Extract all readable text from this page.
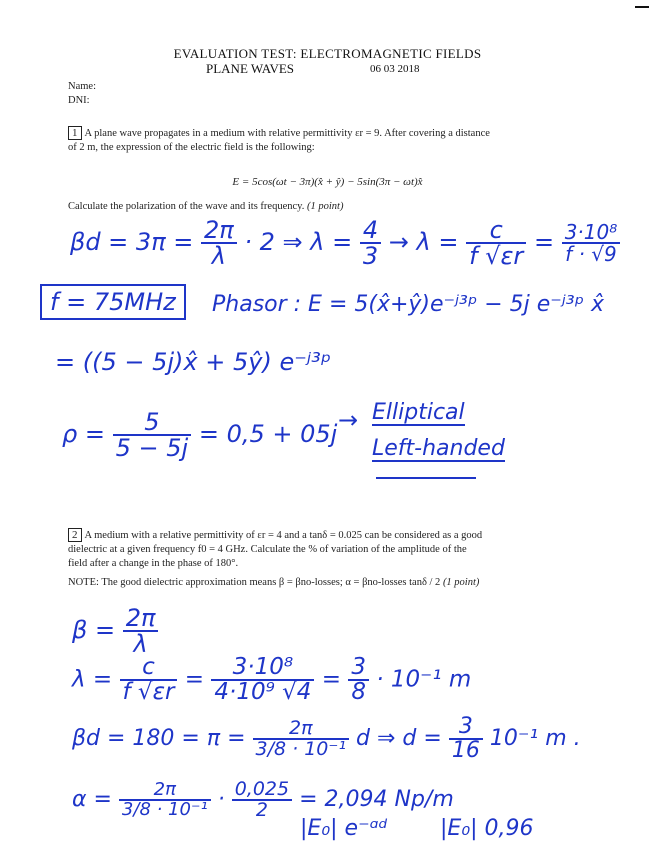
EVALUATION TEST: ELECTROMAGNETIC FIELDS
PLANE WAVES	06 03 2018
Name:
DNI:
1 A plane wave propagates in a medium with relative permittivity εr = 9. After covering a distance
of 2 m, the expression of the electric field is the following:
E = 5cos(ωt − 3π)(x̂ + ŷ) − 5sin(3π − ωt)x̂
Calculate the polarization of the wave and its frequency. (1 point)
$\beta d = 3\pi = \frac{2\pi}{\lambda} \cdot 2$ ⇒ $\lambda = \frac{4}{3} \to \lambda = \frac{c}{f √\varepsilon r} = \frac{\text{3·10⁸}}{f \cdot √9}$
f = 75MHz	Phasor : E = 5(x̂+ŷ)e⁻ʲ³ᵖ − 5j e⁻ʲ³ᵖ x̂
= ((5 − 5j)x̂ + 5ŷ) e⁻ʲ³ᵖ
$\rho = \frac{5}{5 - 5j} = 0,5 + 05j$ → Elliptical
Left-handed
2 A medium with a relative permittivity of εr = 4 and a tanδ = 0.025 can be considered as a good
dielectric at a given frequency f0 = 4 GHz. Calculate the % of variation of the amplitude of the
field after a change in the phase of 180°.
NOTE: The good dielectric approximation means β = βno-losses; α = βno-losses tanδ / 2 (1 point)
$\beta = \frac{2\pi}{\lambda}$
$\lambda = \frac{c}{f √\varepsilon r} = \frac{\text{3·10⁸}}{\text{4·10⁹ √4}} = \frac{3}{8} \cdot 10^{-1}$ m
$\beta d = 180 = \pi = \frac{2\pi}{\text{3/8 · 10⁻¹}}$ d ⇒ $d = \frac{3}{16} 10^{-1}$ m .
$\alpha = \frac{2\pi}{\text{3/8 · 10⁻¹}} \cdot \frac{0,025}{2} = 2,094$ Np/m
|E₀| e⁻ᵅᵈ |E₀| 0,96
